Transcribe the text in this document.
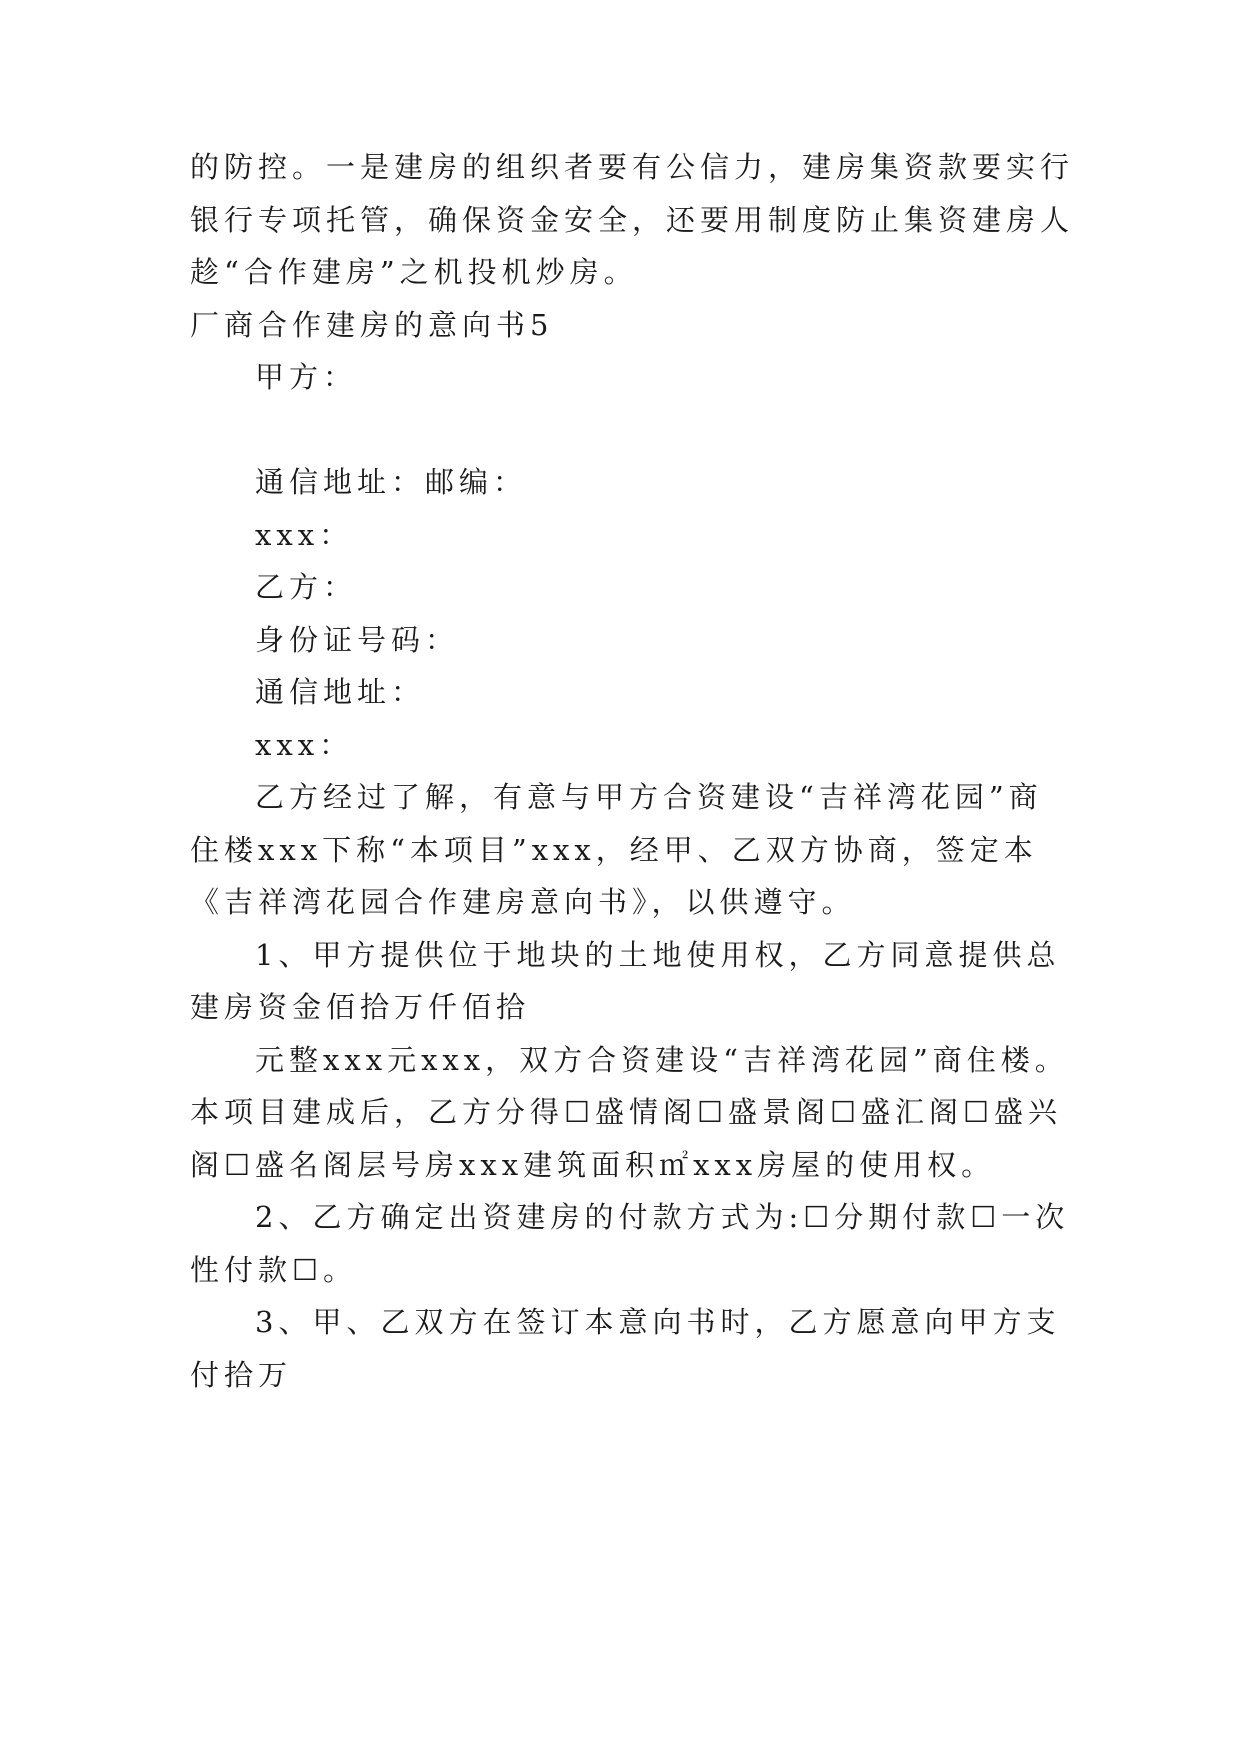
的防控。一是建房的组织者要有公信力，建房集资款要实行
银行专项托管，确保资金安全，还要用制度防止集资建房人
趁“合作建房”之机投机炒房。
厂商合作建房的意向书5
甲方：
通信地址：邮编：
xxx：
乙方：
身份证号码：
通信地址：
xxx：
乙方经过了解，有意与甲方合资建设“吉祥湾花园”商
住楼xxx下称“本项目”xxx，经甲、乙双方协商，签定本
《吉祥湾花园合作建房意向书》，以供遵守。
1、甲方提供位于地块的土地使用权，乙方同意提供总
建房资金佰拾万仟佰拾
元整xxx元xxx，双方合资建设“吉祥湾花园”商住楼。
本项目建成后，乙方分得☐盛情阁☐盛景阁☐盛汇阁☐盛兴
阁☐盛名阁层号房xxx建筑面积㎡xxx房屋的使用权。
2、乙方确定出资建房的付款方式为:☐分期付款☐一次
性付款☐。
3、甲、乙双方在签订本意向书时，乙方愿意向甲方支
付拾万
